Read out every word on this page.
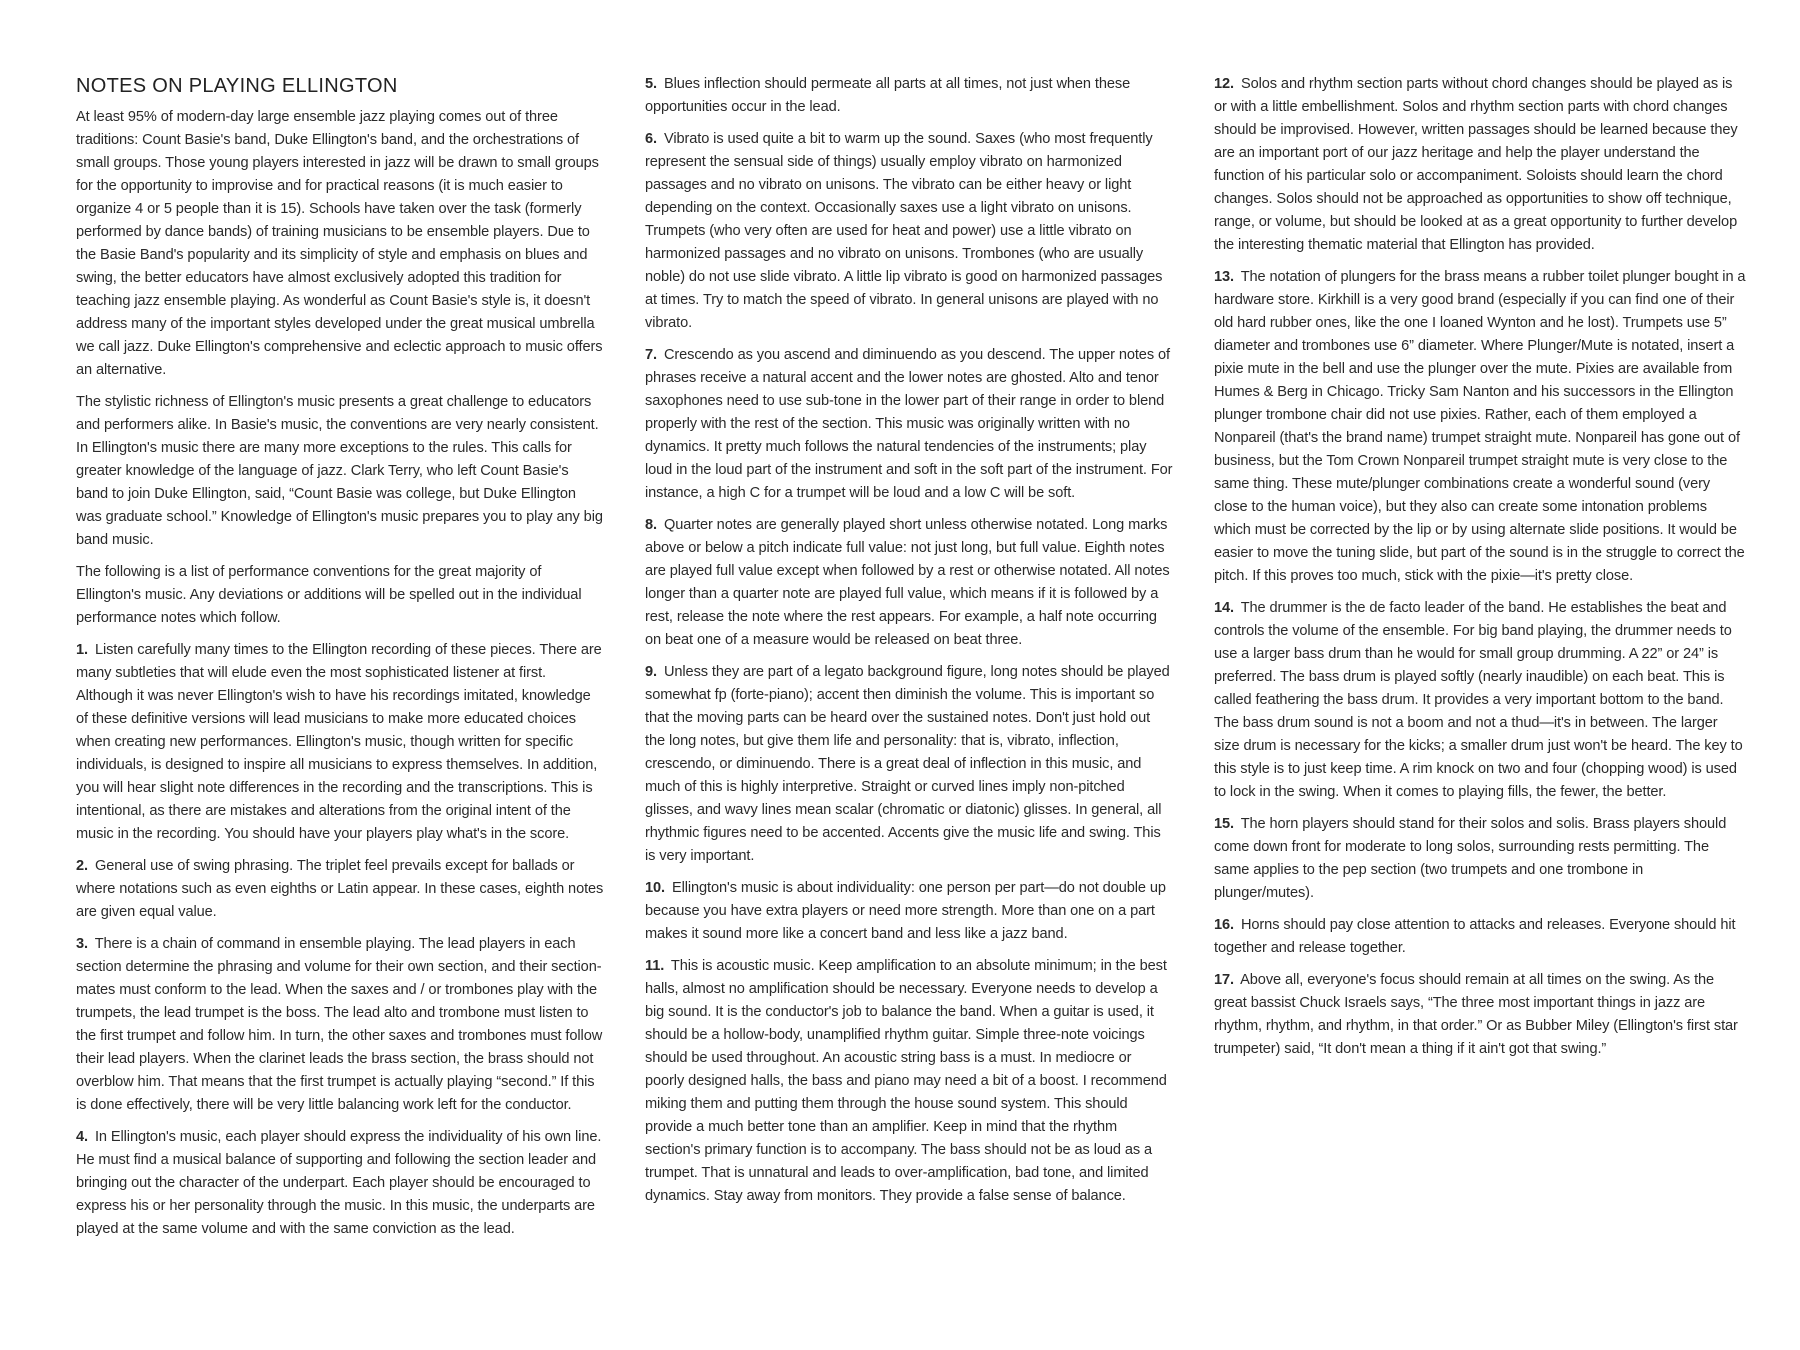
NOTES ON PLAYING ELLINGTON

At least 95% of modern-day large ensemble jazz playing comes out of three traditions: Count Basie's band, Duke Ellington's band, and the orchestrations of small groups. Those young players interested in jazz will be drawn to small groups for the opportunity to improvise and for practical reasons (it is much easier to organize 4 or 5 people than it is 15). Schools have taken over the task (formerly performed by dance bands) of training musicians to be ensemble players. Due to the Basie Band's popularity and its simplicity of style and emphasis on blues and swing, the better educators have almost exclusively adopted this tradition for teaching jazz ensemble playing. As wonderful as Count Basie's style is, it doesn't address many of the important styles developed under the great musical umbrella we call jazz. Duke Ellington's comprehensive and eclectic approach to music offers an alternative.

The stylistic richness of Ellington's music presents a great challenge to educators and performers alike. In Basie's music, the conventions are very nearly consistent. In Ellington's music there are many more exceptions to the rules. This calls for greater knowledge of the language of jazz. Clark Terry, who left Count Basie's band to join Duke Ellington, said, “Count Basie was college, but Duke Ellington was graduate school.” Knowledge of Ellington's music prepares you to play any big band music.

The following is a list of performance conventions for the great majority of Ellington's music. Any deviations or additions will be spelled out in the individual performance notes which follow.

1. Listen carefully many times to the Ellington recording of these pieces. There are many subtleties that will elude even the most sophisticated listener at first. Although it was never Ellington's wish to have his recordings imitated, knowledge of these definitive versions will lead musicians to make more educated choices when creating new performances. Ellington's music, though written for specific individuals, is designed to inspire all musicians to express themselves. In addition, you will hear slight note differences in the recording and the transcriptions. This is intentional, as there are mistakes and alterations from the original intent of the music in the recording. You should have your players play what's in the score.

2. General use of swing phrasing. The triplet feel prevails except for ballads or where notations such as even eighths or Latin appear. In these cases, eighth notes are given equal value.

3. There is a chain of command in ensemble playing. The lead players in each section determine the phrasing and volume for their own section, and their section-mates must conform to the lead. When the saxes and / or trombones play with the trumpets, the lead trumpet is the boss. The lead alto and trombone must listen to the first trumpet and follow him. In turn, the other saxes and trombones must follow their lead players. When the clarinet leads the brass section, the brass should not overblow him. That means that the first trumpet is actually playing “second.” If this is done effectively, there will be very little balancing work left for the conductor.

4. In Ellington's music, each player should express the individuality of his own line. He must find a musical balance of supporting and following the section leader and bringing out the character of the underpart. Each player should be encouraged to express his or her personality through the music. In this music, the underparts are played at the same volume and with the same conviction as the lead.

5. Blues inflection should permeate all parts at all times, not just when these opportunities occur in the lead.

6. Vibrato is used quite a bit to warm up the sound. Saxes (who most frequently represent the sensual side of things) usually employ vibrato on harmonized passages and no vibrato on unisons. The vibrato can be either heavy or light depending on the context. Occasionally saxes use a light vibrato on unisons. Trumpets (who very often are used for heat and power) use a little vibrato on harmonized passages and no vibrato on unisons. Trombones (who are usually noble) do not use slide vibrato. A little lip vibrato is good on harmonized passages at times. Try to match the speed of vibrato. In general unisons are played with no vibrato.

7. Crescendo as you ascend and diminuendo as you descend. The upper notes of phrases receive a natural accent and the lower notes are ghosted. Alto and tenor saxophones need to use sub-tone in the lower part of their range in order to blend properly with the rest of the section. This music was originally written with no dynamics. It pretty much follows the natural tendencies of the instruments; play loud in the loud part of the instrument and soft in the soft part of the instrument. For instance, a high C for a trumpet will be loud and a low C will be soft.

8. Quarter notes are generally played short unless otherwise notated. Long marks above or below a pitch indicate full value: not just long, but full value. Eighth notes are played full value except when followed by a rest or otherwise notated. All notes longer than a quarter note are played full value, which means if it is followed by a rest, release the note where the rest appears. For example, a half note occurring on beat one of a measure would be released on beat three.

9. Unless they are part of a legato background figure, long notes should be played somewhat fp (forte-piano); accent then diminish the volume. This is important so that the moving parts can be heard over the sustained notes. Don't just hold out the long notes, but give them life and personality: that is, vibrato, inflection, crescendo, or diminuendo. There is a great deal of inflection in this music, and much of this is highly interpretive. Straight or curved lines imply non-pitched glisses, and wavy lines mean scalar (chromatic or diatonic) glisses. In general, all rhythmic figures need to be accented. Accents give the music life and swing. This is very important.

10. Ellington's music is about individuality: one person per part—do not double up because you have extra players or need more strength. More than one on a part makes it sound more like a concert band and less like a jazz band.

11. This is acoustic music. Keep amplification to an absolute minimum; in the best halls, almost no amplification should be necessary. Everyone needs to develop a big sound. It is the conductor's job to balance the band. When a guitar is used, it should be a hollow-body, unamplified rhythm guitar. Simple three-note voicings should be used throughout. An acoustic string bass is a must. In mediocre or poorly designed halls, the bass and piano may need a bit of a boost. I recommend miking them and putting them through the house sound system. This should provide a much better tone than an amplifier. Keep in mind that the rhythm section's primary function is to accompany. The bass should not be as loud as a trumpet. That is unnatural and leads to over-amplification, bad tone, and limited dynamics. Stay away from monitors. They provide a false sense of balance.

12. Solos and rhythm section parts without chord changes should be played as is or with a little embellishment. Solos and rhythm section parts with chord changes should be improvised. However, written passages should be learned because they are an important port of our jazz heritage and help the player understand the function of his particular solo or accompaniment. Soloists should learn the chord changes. Solos should not be approached as opportunities to show off technique, range, or volume, but should be looked at as a great opportunity to further develop the interesting thematic material that Ellington has provided.

13. The notation of plungers for the brass means a rubber toilet plunger bought in a hardware store. Kirkhill is a very good brand (especially if you can find one of their old hard rubber ones, like the one I loaned Wynton and he lost). Trumpets use 5” diameter and trombones use 6” diameter. Where Plunger/Mute is notated, insert a pixie mute in the bell and use the plunger over the mute. Pixies are available from Humes & Berg in Chicago. Tricky Sam Nanton and his successors in the Ellington plunger trombone chair did not use pixies. Rather, each of them employed a Nonpareil (that's the brand name) trumpet straight mute. Nonpareil has gone out of business, but the Tom Crown Nonpareil trumpet straight mute is very close to the same thing. These mute/plunger combinations create a wonderful sound (very close to the human voice), but they also can create some intonation problems which must be corrected by the lip or by using alternate slide positions. It would be easier to move the tuning slide, but part of the sound is in the struggle to correct the pitch. If this proves too much, stick with the pixie—it's pretty close.

14. The drummer is the de facto leader of the band. He establishes the beat and controls the volume of the ensemble. For big band playing, the drummer needs to use a larger bass drum than he would for small group drumming. A 22” or 24” is preferred. The bass drum is played softly (nearly inaudible) on each beat. This is called feathering the bass drum. It provides a very important bottom to the band. The bass drum sound is not a boom and not a thud—it's in between. The larger size drum is necessary for the kicks; a smaller drum just won't be heard. The key to this style is to just keep time. A rim knock on two and four (chopping wood) is used to lock in the swing. When it comes to playing fills, the fewer, the better.

15. The horn players should stand for their solos and solis. Brass players should come down front for moderate to long solos, surrounding rests permitting. The same applies to the pep section (two trumpets and one trombone in plunger/mutes).

16. Horns should pay close attention to attacks and releases. Everyone should hit together and release together.

17. Above all, everyone's focus should remain at all times on the swing. As the great bassist Chuck Israels says, “The three most important things in jazz are rhythm, rhythm, and rhythm, in that order.” Or as Bubber Miley (Ellington's first star trumpeter) said, “It don't mean a thing if it ain't got that swing.”
